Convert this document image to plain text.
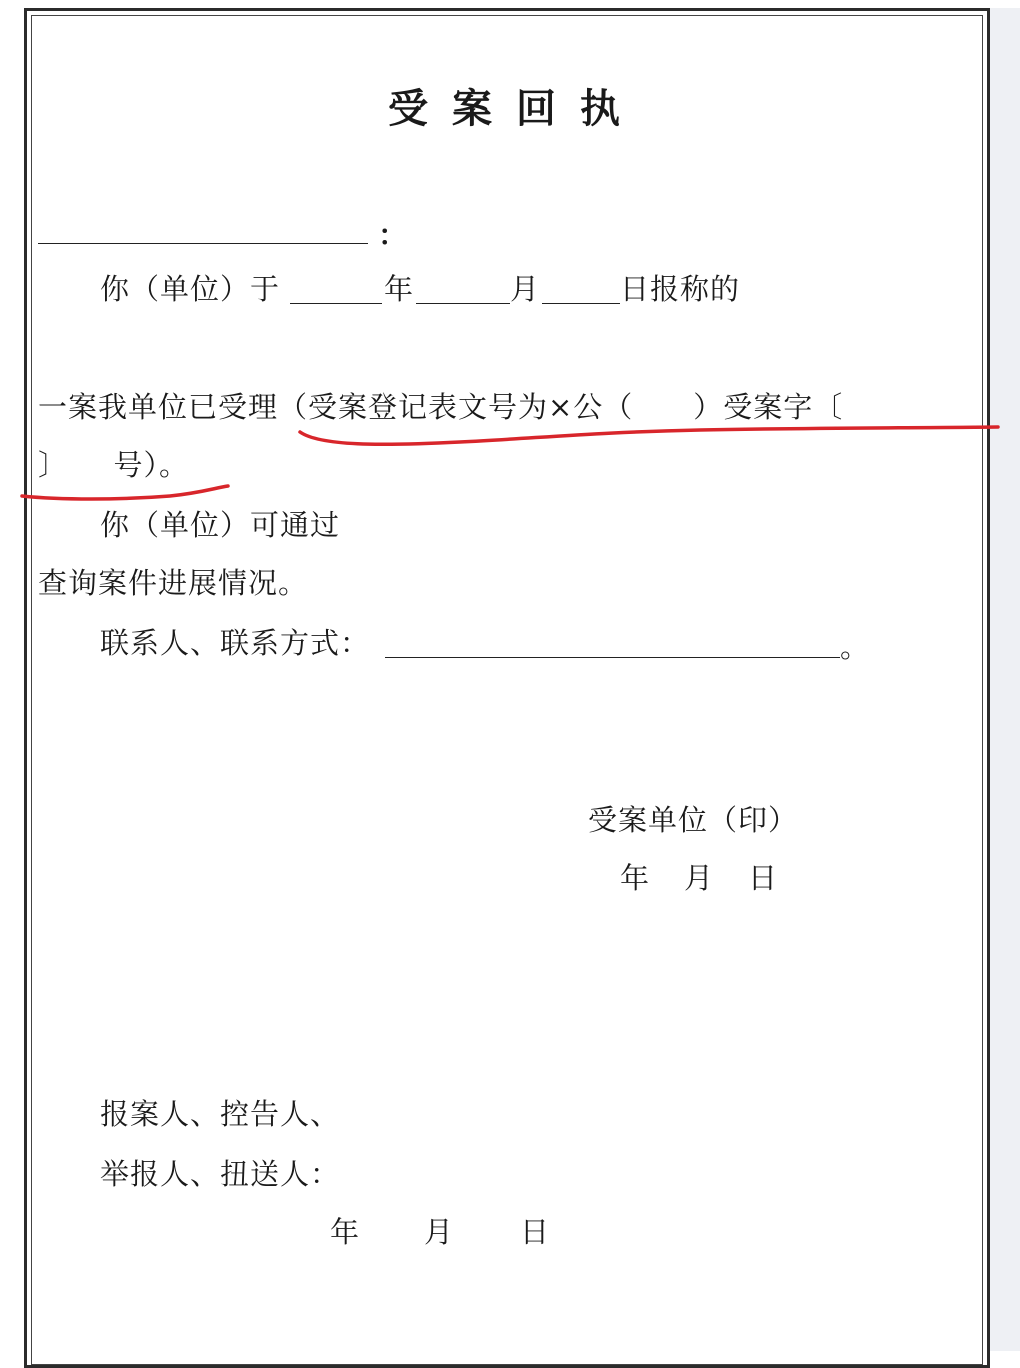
受案回执
：
你（单位）于	年	月	日报称的
一案我单位已受理（受案登记表文号为×公（　　）受案字〔
〕　　号）。
你（单位）可通过
查询案件进展情况。
联系人、联系方式：	。
受案单位（印）
年 月 日
报案人、控告人、
举报人、扭送人：
年 月 日
